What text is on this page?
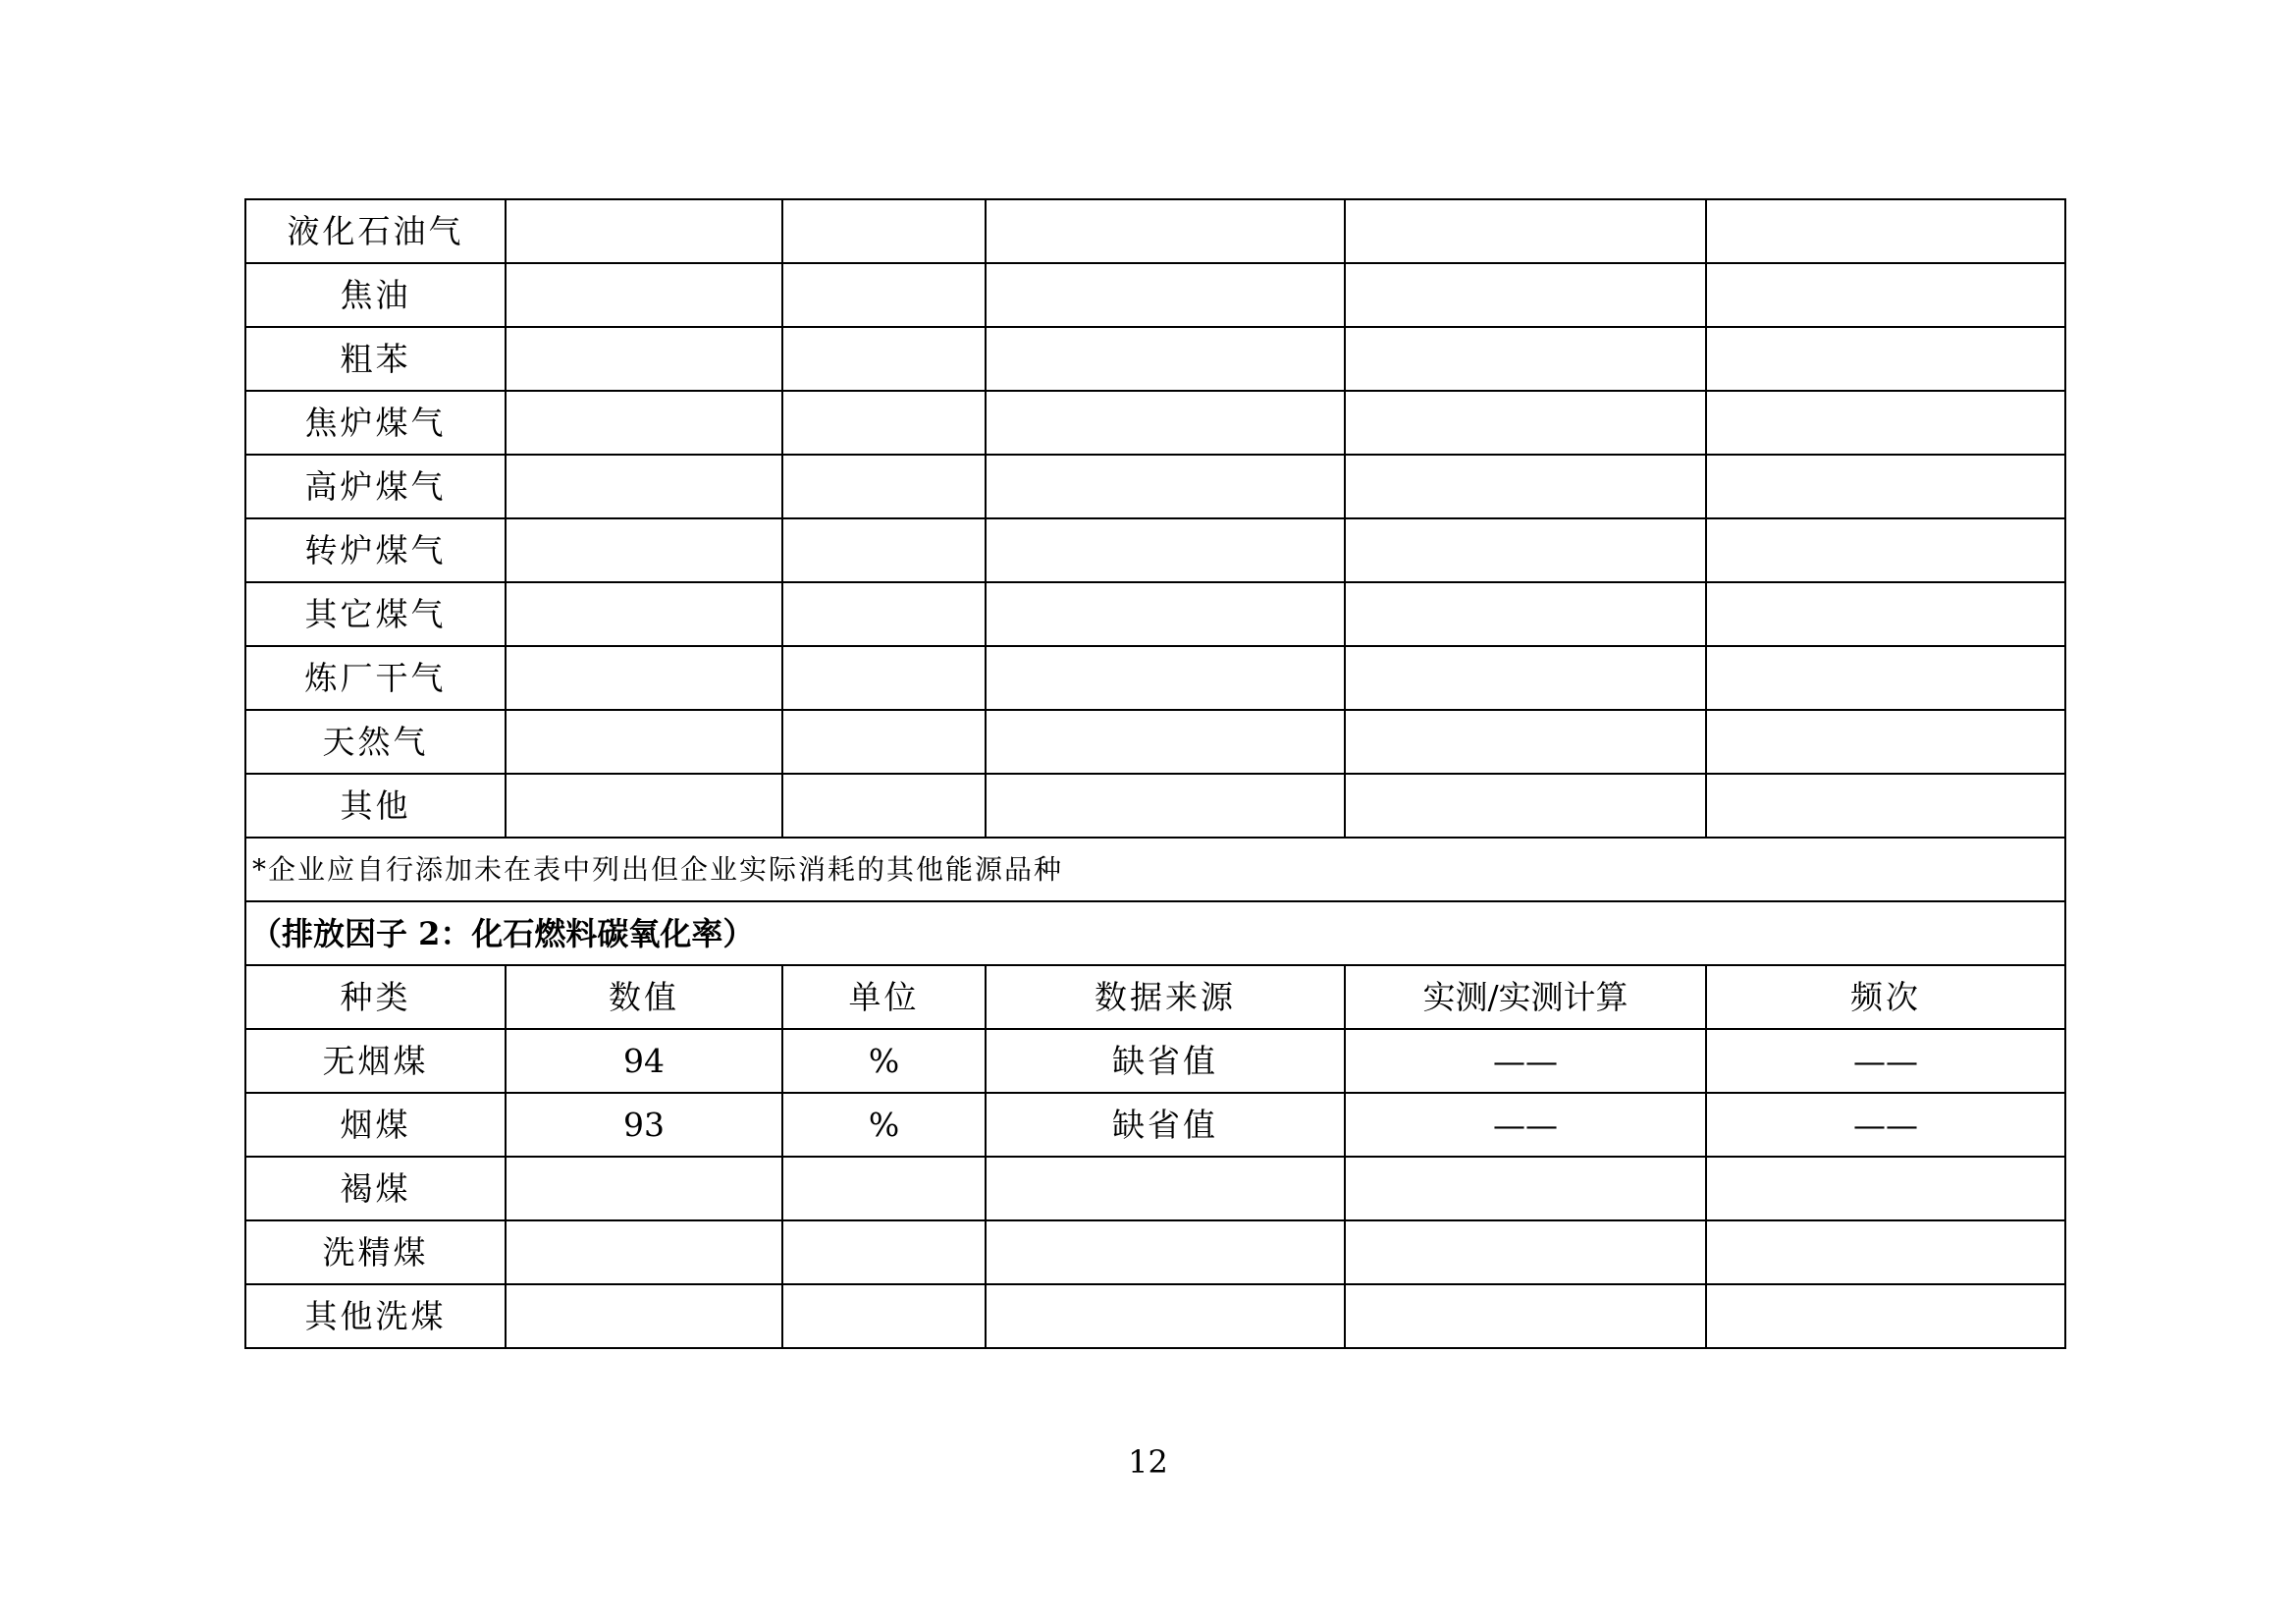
液化石油气					
焦油					
粗苯					
焦炉煤气					
高炉煤气					
转炉煤气					
其它煤气					
炼厂干气					
天然气					
其他					
*企业应自行添加未在表中列出但企业实际消耗的其他能源品种					
（排放因子 2：化石燃料碳氧化率）					
种类	数值	单位	数据来源	实测/实测计算	频次
无烟煤	94	%	缺省值	——	——
烟煤	93	%	缺省值	——	——
褐煤					
洗精煤					
其他洗煤					
12
